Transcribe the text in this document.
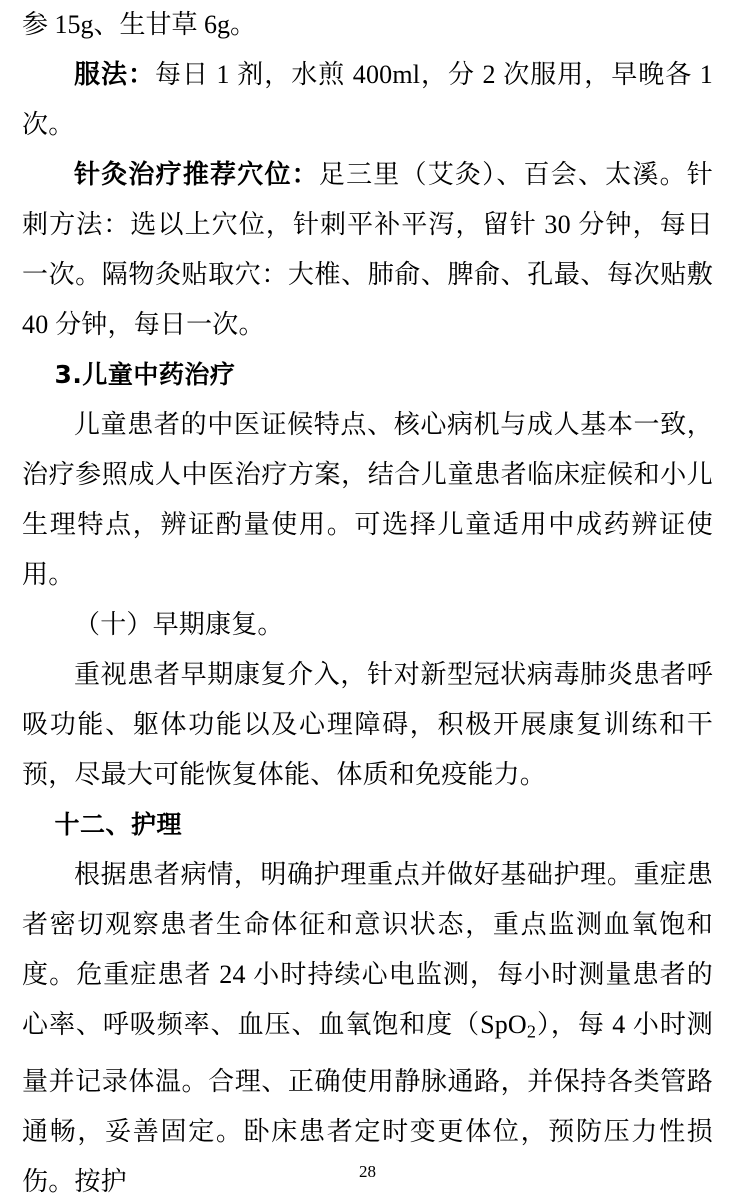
参 15g、生甘草 6g。

服法：每日 1 剂，水煎 400ml，分 2 次服用，早晚各 1 次。

针灸治疗推荐穴位：足三里（艾灸）、百会、太溪。针刺方法：选以上穴位，针刺平补平泻，留针 30 分钟，每日一次。隔物灸贴取穴：大椎、肺俞、脾俞、孔最、每次贴敷 40 分钟，每日一次。

3.儿童中药治疗

儿童患者的中医证候特点、核心病机与成人基本一致，治疗参照成人中医治疗方案，结合儿童患者临床症候和小儿生理特点，辨证酌量使用。可选择儿童适用中成药辨证使用。

（十）早期康复。

重视患者早期康复介入，针对新型冠状病毒肺炎患者呼吸功能、躯体功能以及心理障碍，积极开展康复训练和干预，尽最大可能恢复体能、体质和免疫能力。

十二、护理

根据患者病情，明确护理重点并做好基础护理。重症患者密切观察患者生命体征和意识状态，重点监测血氧饱和度。危重症患者 24 小时持续心电监测，每小时测量患者的心率、呼吸频率、血压、血氧饱和度（SpO$_2$），每 4 小时测量并记录体温。合理、正确使用静脉通路，并保持各类管路通畅，妥善固定。卧床患者定时变更体位，预防压力性损伤。按护	28
